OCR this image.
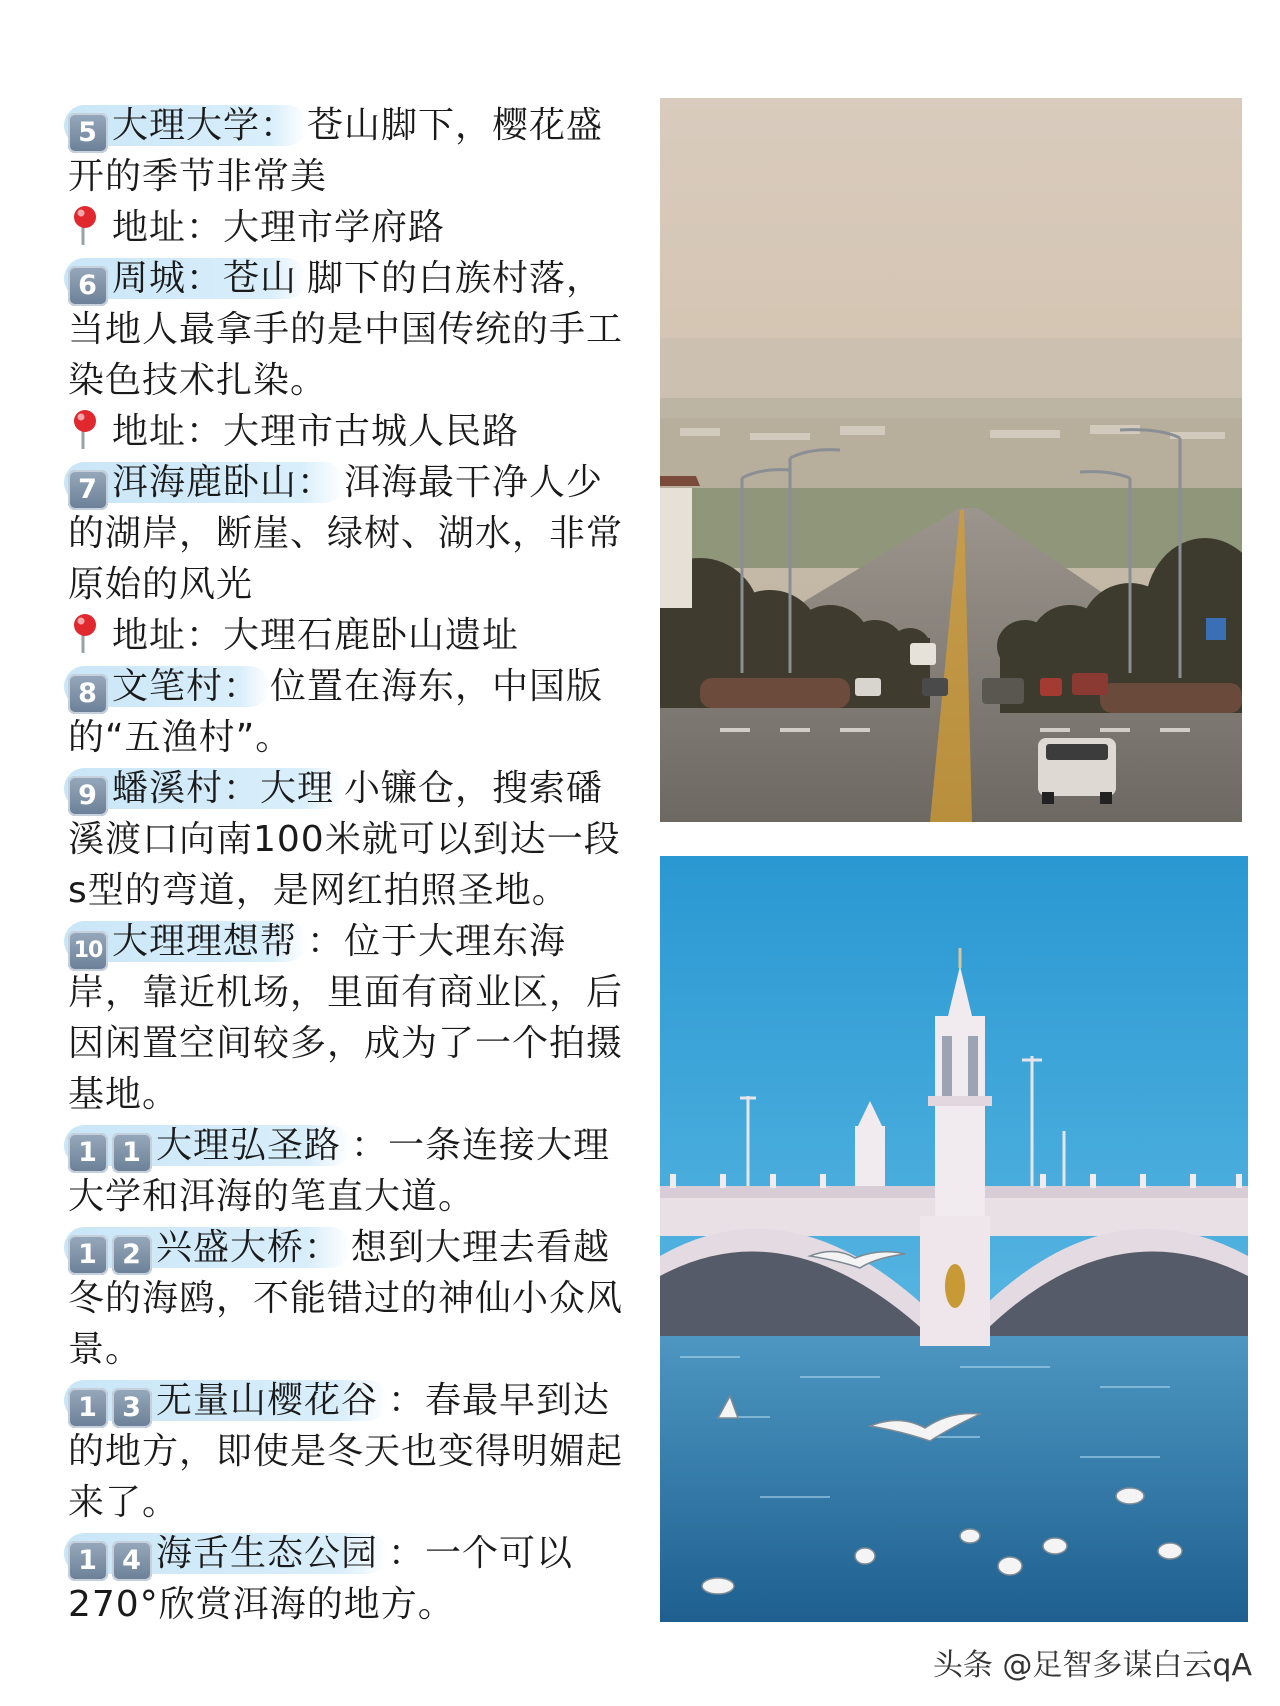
5 大理大学： 苍山脚下，樱花盛
开的季节非常美
地址：大理市学府路
6 周城：苍山 脚下的白族村落，
当地人最拿手的是中国传统的手工
染色技术扎染。
地址：大理市古城人民路
7 洱海鹿卧山： 洱海最干净人少
的湖岸，断崖、绿树、湖水，非常
原始的风光
地址：大理石鹿卧山遗址
8 文笔村： 位置在海东，中国版
的“五渔村”。
9 蟠溪村：大理 小镰仓，搜索磻
溪渡口向南100米就可以到达一段
s型的弯道，是网红拍照圣地。
10 大理理想帮 ：位于大理东海
岸，靠近机场，里面有商业区，后
因闲置空间较多，成为了一个拍摄
基地。
1 1 大理弘圣路 ：一条连接大理
大学和洱海的笔直大道。
1 2 兴盛大桥： 想到大理去看越
冬的海鸥，不能错过的神仙小众风
景。
1 3 无量山樱花谷 ：春最早到达
的地方，即使是冬天也变得明媚起
来了。
1 4 海舌生态公园 ：一个可以
270°欣赏洱海的地方。
头条 @足智多谋白云qA
